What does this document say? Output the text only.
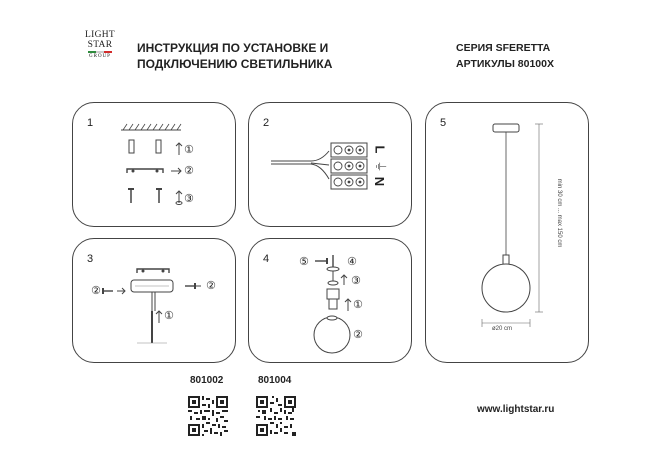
LIGHT
STAR
GROUP
ИНСТРУКЦИЯ ПО УСТАНОВКЕ И
ПОДКЛЮЧЕНИЮ СВЕТИЛЬНИКА
СЕРИЯ SFERETTA
АРТИКУЛЫ 80100X
1
①
②
③
2
L
⏚
N
3
②	②
①
4	⑤	④
③
①
②
5
min 30 cm ... max 150 cm
ø20 cm
801002	801004
www.lightstar.ru
